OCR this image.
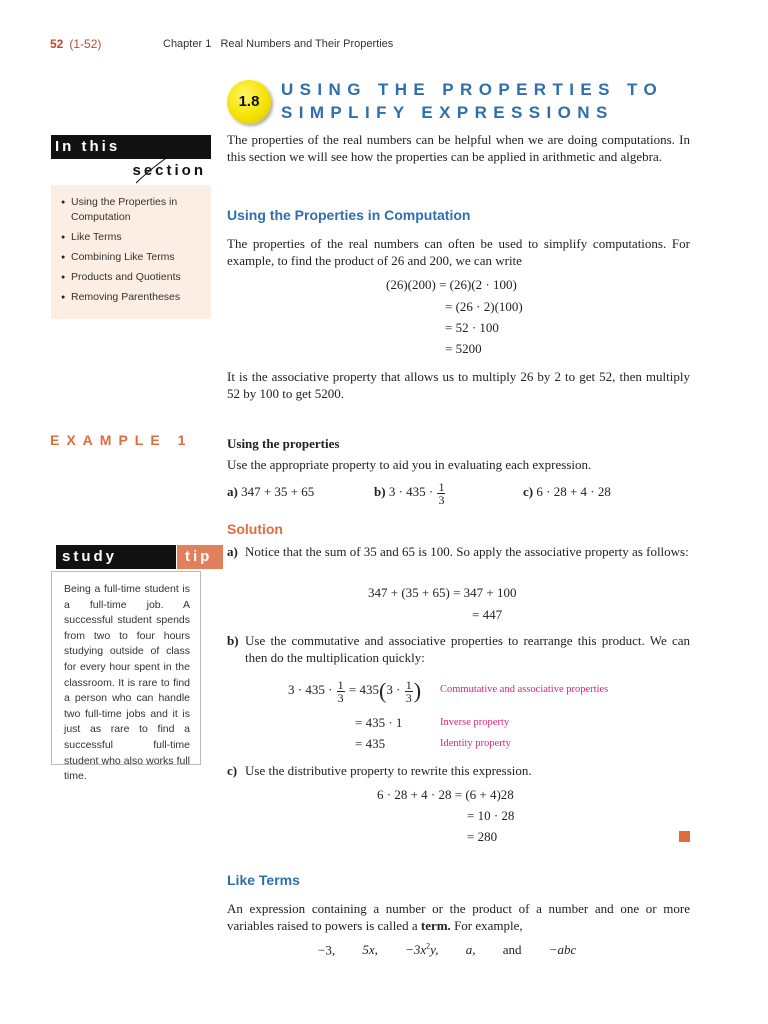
52 (1-52)	Chapter 1   Real Numbers and Their Properties
1.8
USING THE PROPERTIES TO
SIMPLIFY EXPRESSIONS
In this
section
● Using the Properties in Computation
● Like Terms
● Combining Like Terms
● Products and Quotients
● Removing Parentheses
The properties of the real numbers can be helpful when we are doing computations. In this section we will see how the properties can be applied in arithmetic and algebra.
Using the Properties in Computation
The properties of the real numbers can often be used to simplify computations. For example, to find the product of 26 and 200, we can write
(26)(200) = (26)(2 · 100)
= (26 · 2)(100)
= 52 · 100
= 5200
It is the associative property that allows us to multiply 26 by 2 to get 52, then multiply 52 by 100 to get 5200.
EXAMPLE 1	Using the properties
Use the appropriate property to aid you in evaluating each expression.
a) 347 + 35 + 65	b) $3 \cdot 435 \cdot \frac{1}{3}$	c) 6 · 28 + 4 · 28
Solution
a) Notice that the sum of 35 and 65 is 100. So apply the associative property as follows:
347 + (35 + 65) = 347 + 100
= 447
b) Use the commutative and associative properties to rearrange this product. We can then do the multiplication quickly:
$3 \cdot 435 \cdot \frac{1}{3} = 435(3 \cdot \frac{1}{3}$ ) Commutative and associative properties
= 435 · 1	Inverse property
= 435	Identity property
c) Use the distributive property to rewrite this expression.
6 · 28 + 4 · 28 = (6 + 4)28
= 10 · 28
= 280
study	tip
Being a full-time student is a full-time job. A successful student spends from two to four hours studying outside of class for every hour spent in the classroom. It is rare to find a person who can handle two full-time jobs and it is just as rare to find a successful full-time student who also works full time.
Like Terms
An expression containing a number or the product of a number and one or more variables raised to powers is called a term. For example,
−3, 5x, $-3x^2y$, a, and −abc
